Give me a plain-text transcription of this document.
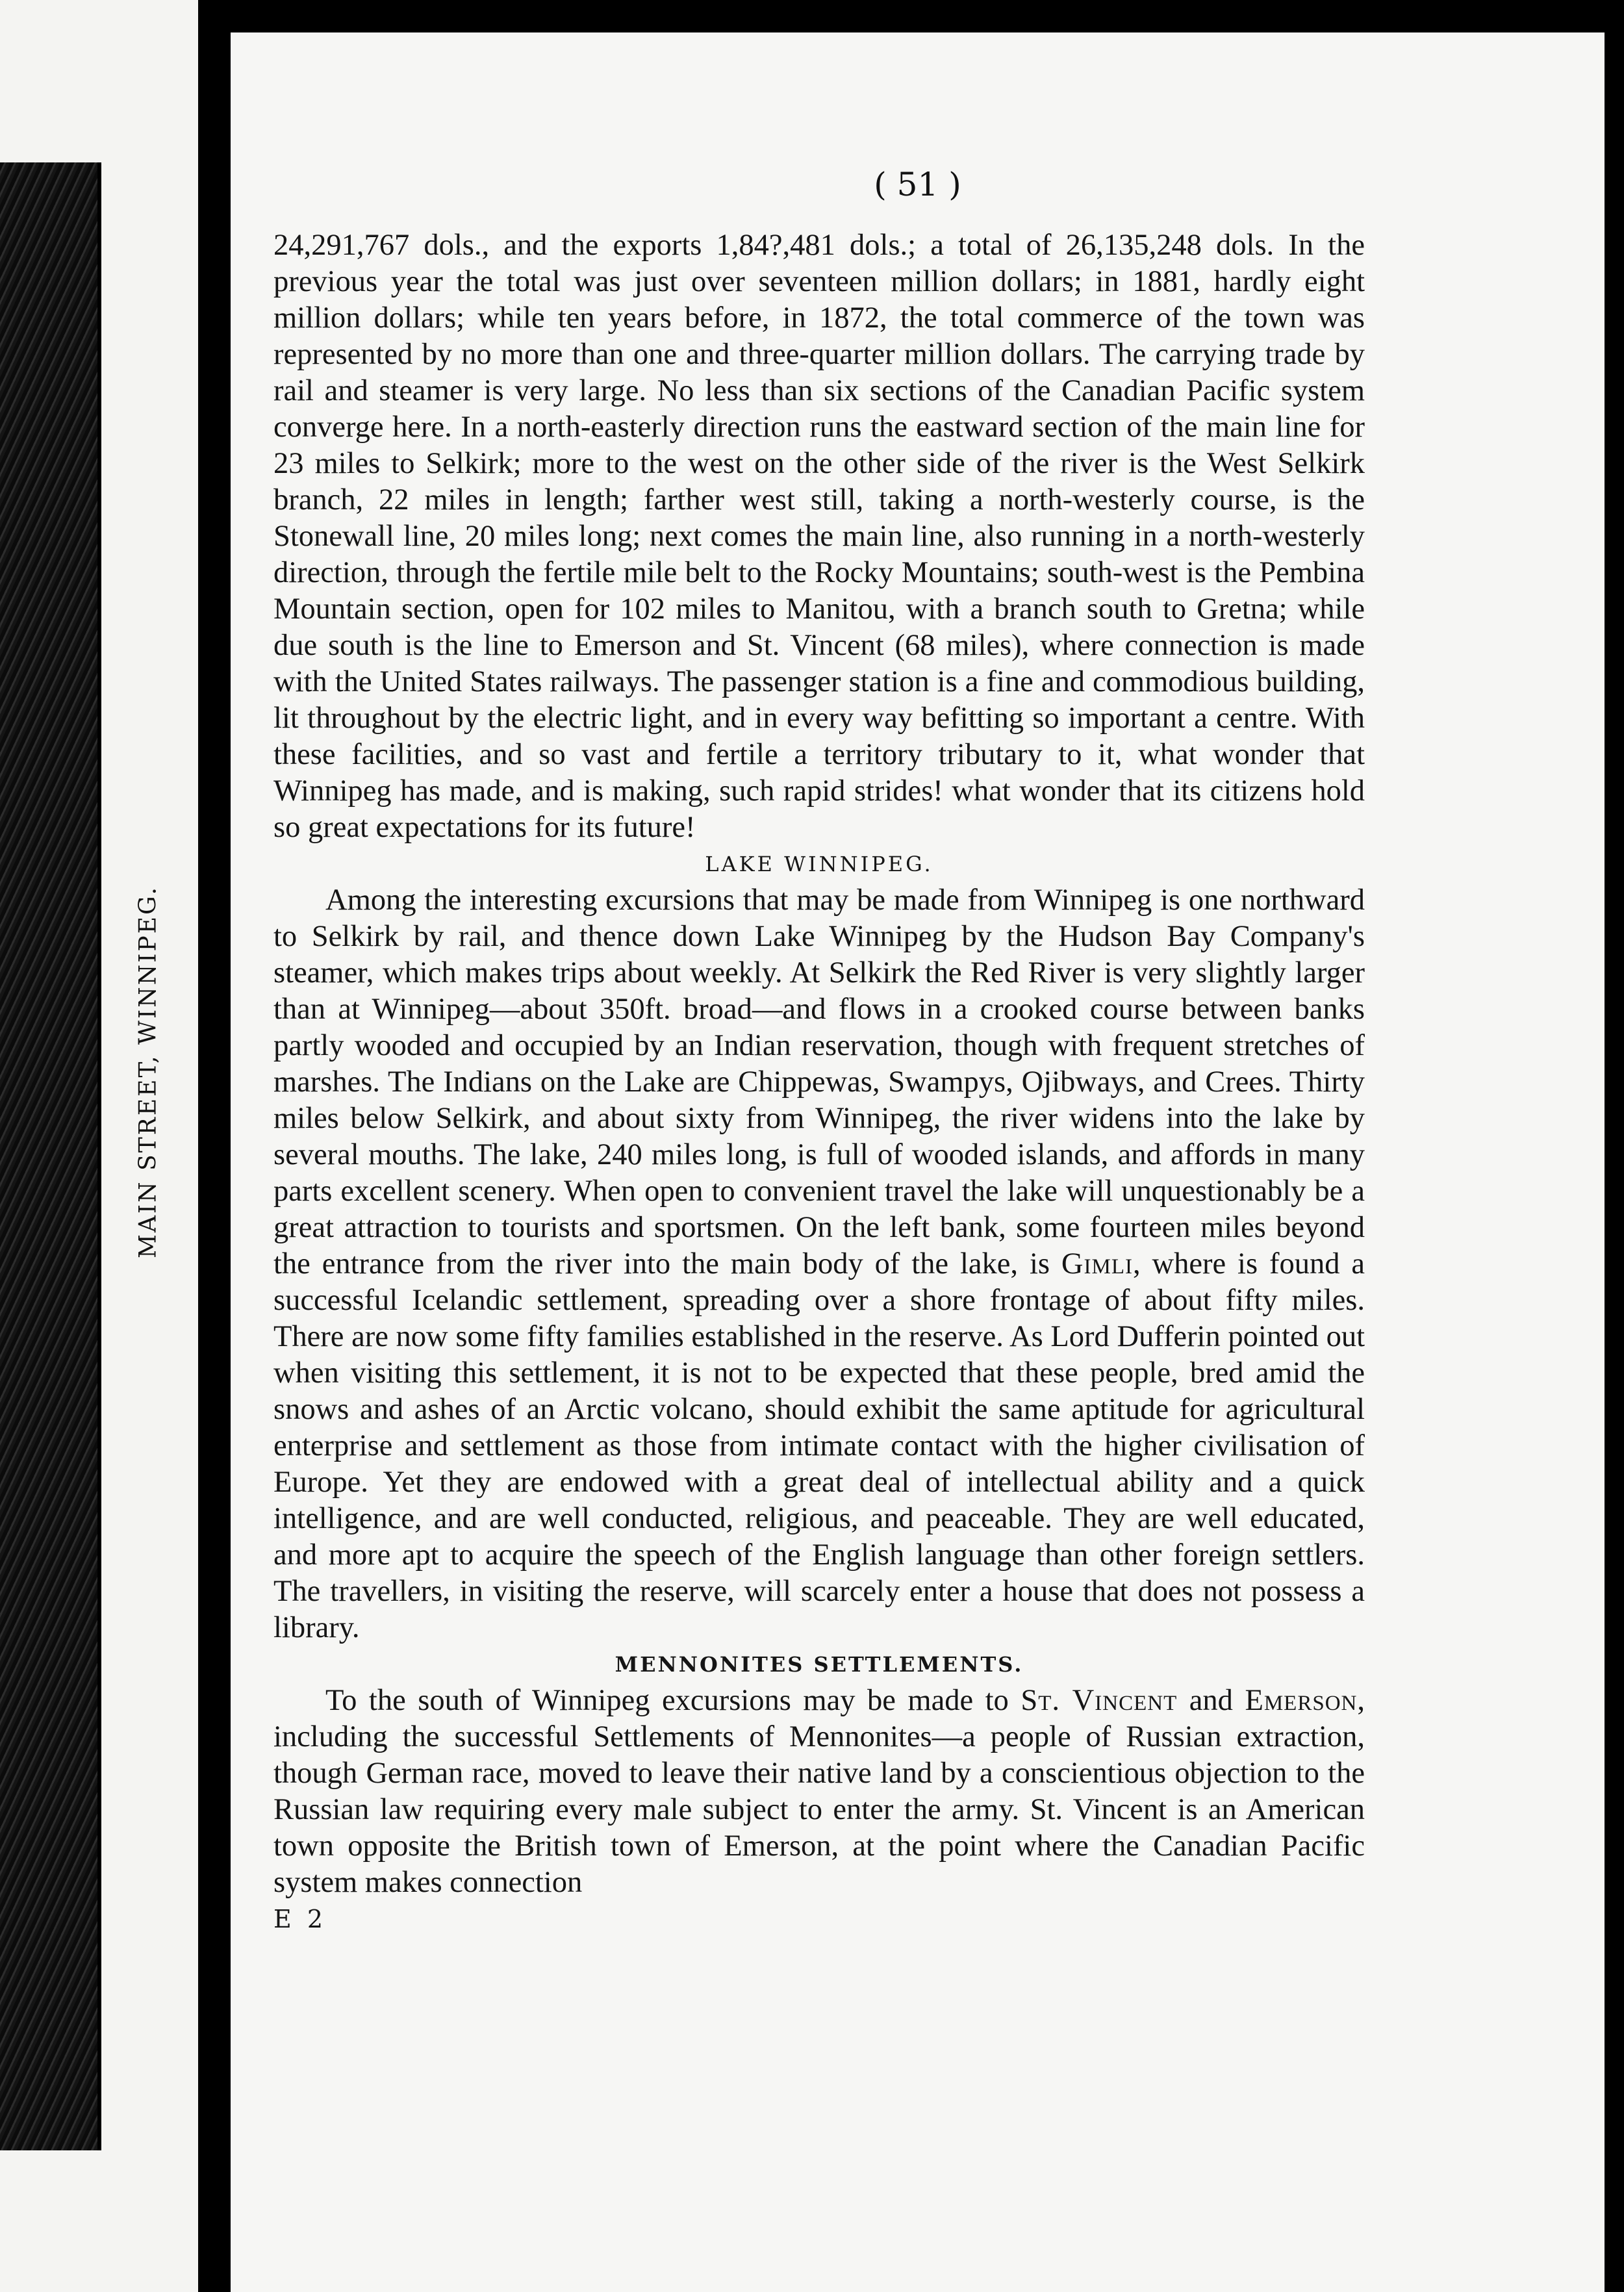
MAIN STREET, WINNIPEG.
( 51 )

24,291,767 dols., and the exports 1,84?,481 dols.; a total of 26,135,248 dols. In the previous year the total was just over seventeen million dollars; in 1881, hardly eight million dollars; while ten years before, in 1872, the total commerce of the town was represented by no more than one and three-quarter million dollars. The carrying trade by rail and steamer is very large. No less than six sections of the Canadian Pacific system converge here. In a north-easterly direction runs the eastward section of the main line for 23 miles to Selkirk; more to the west on the other side of the river is the West Selkirk branch, 22 miles in length; farther west still, taking a north-westerly course, is the Stonewall line, 20 miles long; next comes the main line, also running in a north-westerly direction, through the fertile mile belt to the Rocky Mountains; south-west is the Pembina Mountain section, open for 102 miles to Manitou, with a branch south to Gretna; while due south is the line to Emerson and St. Vincent (68 miles), where connection is made with the United States railways. The passenger station is a fine and commodious building, lit throughout by the electric light, and in every way befitting so important a centre. With these facilities, and so vast and fertile a territory tributary to it, what wonder that Winnipeg has made, and is making, such rapid strides! what wonder that its citizens hold so great expectations for its future!

LAKE WINNIPEG.

Among the interesting excursions that may be made from Winnipeg is one northward to Selkirk by rail, and thence down Lake Winnipeg by the Hudson Bay Company's steamer, which makes trips about weekly. At Selkirk the Red River is very slightly larger than at Winnipeg—about 350ft. broad—and flows in a crooked course between banks partly wooded and occupied by an Indian reservation, though with frequent stretches of marshes. The Indians on the Lake are Chippewas, Swampys, Ojibways, and Crees. Thirty miles below Selkirk, and about sixty from Winnipeg, the river widens into the lake by several mouths. The lake, 240 miles long, is full of wooded islands, and affords in many parts excellent scenery. When open to convenient travel the lake will unquestionably be a great attraction to tourists and sportsmen. On the left bank, some fourteen miles beyond the entrance from the river into the main body of the lake, is Gimli, where is found a successful Icelandic settlement, spreading over a shore frontage of about fifty miles. There are now some fifty families established in the reserve. As Lord Dufferin pointed out when visiting this settlement, it is not to be expected that these people, bred amid the snows and ashes of an Arctic volcano, should exhibit the same aptitude for agricultural enterprise and settlement as those from intimate contact with the higher civilisation of Europe. Yet they are endowed with a great deal of intellectual ability and a quick intelligence, and are well conducted, religious, and peaceable. They are well educated, and more apt to acquire the speech of the English language than other foreign settlers. The travellers, in visiting the reserve, will scarcely enter a house that does not possess a library.

MENNONITES SETTLEMENTS.

To the south of Winnipeg excursions may be made to St. Vincent and Emerson, including the successful Settlements of Mennonites—a people of Russian extraction, though German race, moved to leave their native land by a conscientious objection to the Russian law requiring every male subject to enter the army. St. Vincent is an American town opposite the British town of Emerson, at the point where the Canadian Pacific system makes connection

E 2
